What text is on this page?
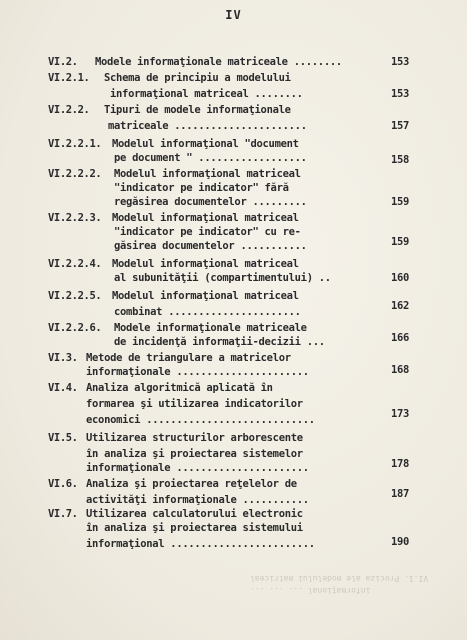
IV
VI.2. Modele informaţionale matriceale ........	153
VI.2.1. Schema de principiu a modelului
informaţional matriceal ........	153
VI.2.2. Tipuri de modele informaţionale
matriceale ......................	157
VI.2.2.1. Modelul informaţional "document
pe document " ..................	158
VI.2.2.2. Modelul informaţional matriceal
"indicator pe indicator" fără
regăsirea documentelor .........	159
VI.2.2.3. Modelul informaţional matriceal
"indicator pe indicator" cu re-
găsirea documentelor ...........	159
VI.2.2.4. Modelul informaţional matriceal
al subunităţii (compartimentului) ..	160
VI.2.2.5. Modelul informaţional matriceal
combinat ......................	162
VI.2.2.6. Modele informaţionale matriceale
de incidenţă informaţii-decizii ...	166
VI.3. Metode de triangulare a matricelor
informaţionale ......................	168
VI.4. Analiza algoritmică aplicată în
formarea şi utilizarea indicatorilor
economici ............................	173
VI.5. Utilizarea structurilor arborescente
în analiza şi proiectarea sistemelor
informaţionale ......................	178
VI.6. Analiza şi proiectarea reţelelor de
activităţi informaţionale ...........	187
VI.7. Utilizarea calculatorului electronic
în analiza şi proiectarea sistemului
informaţional ........................	190
VI.1. Prociza ale modelului matriceal
informaţional ... ... ...
